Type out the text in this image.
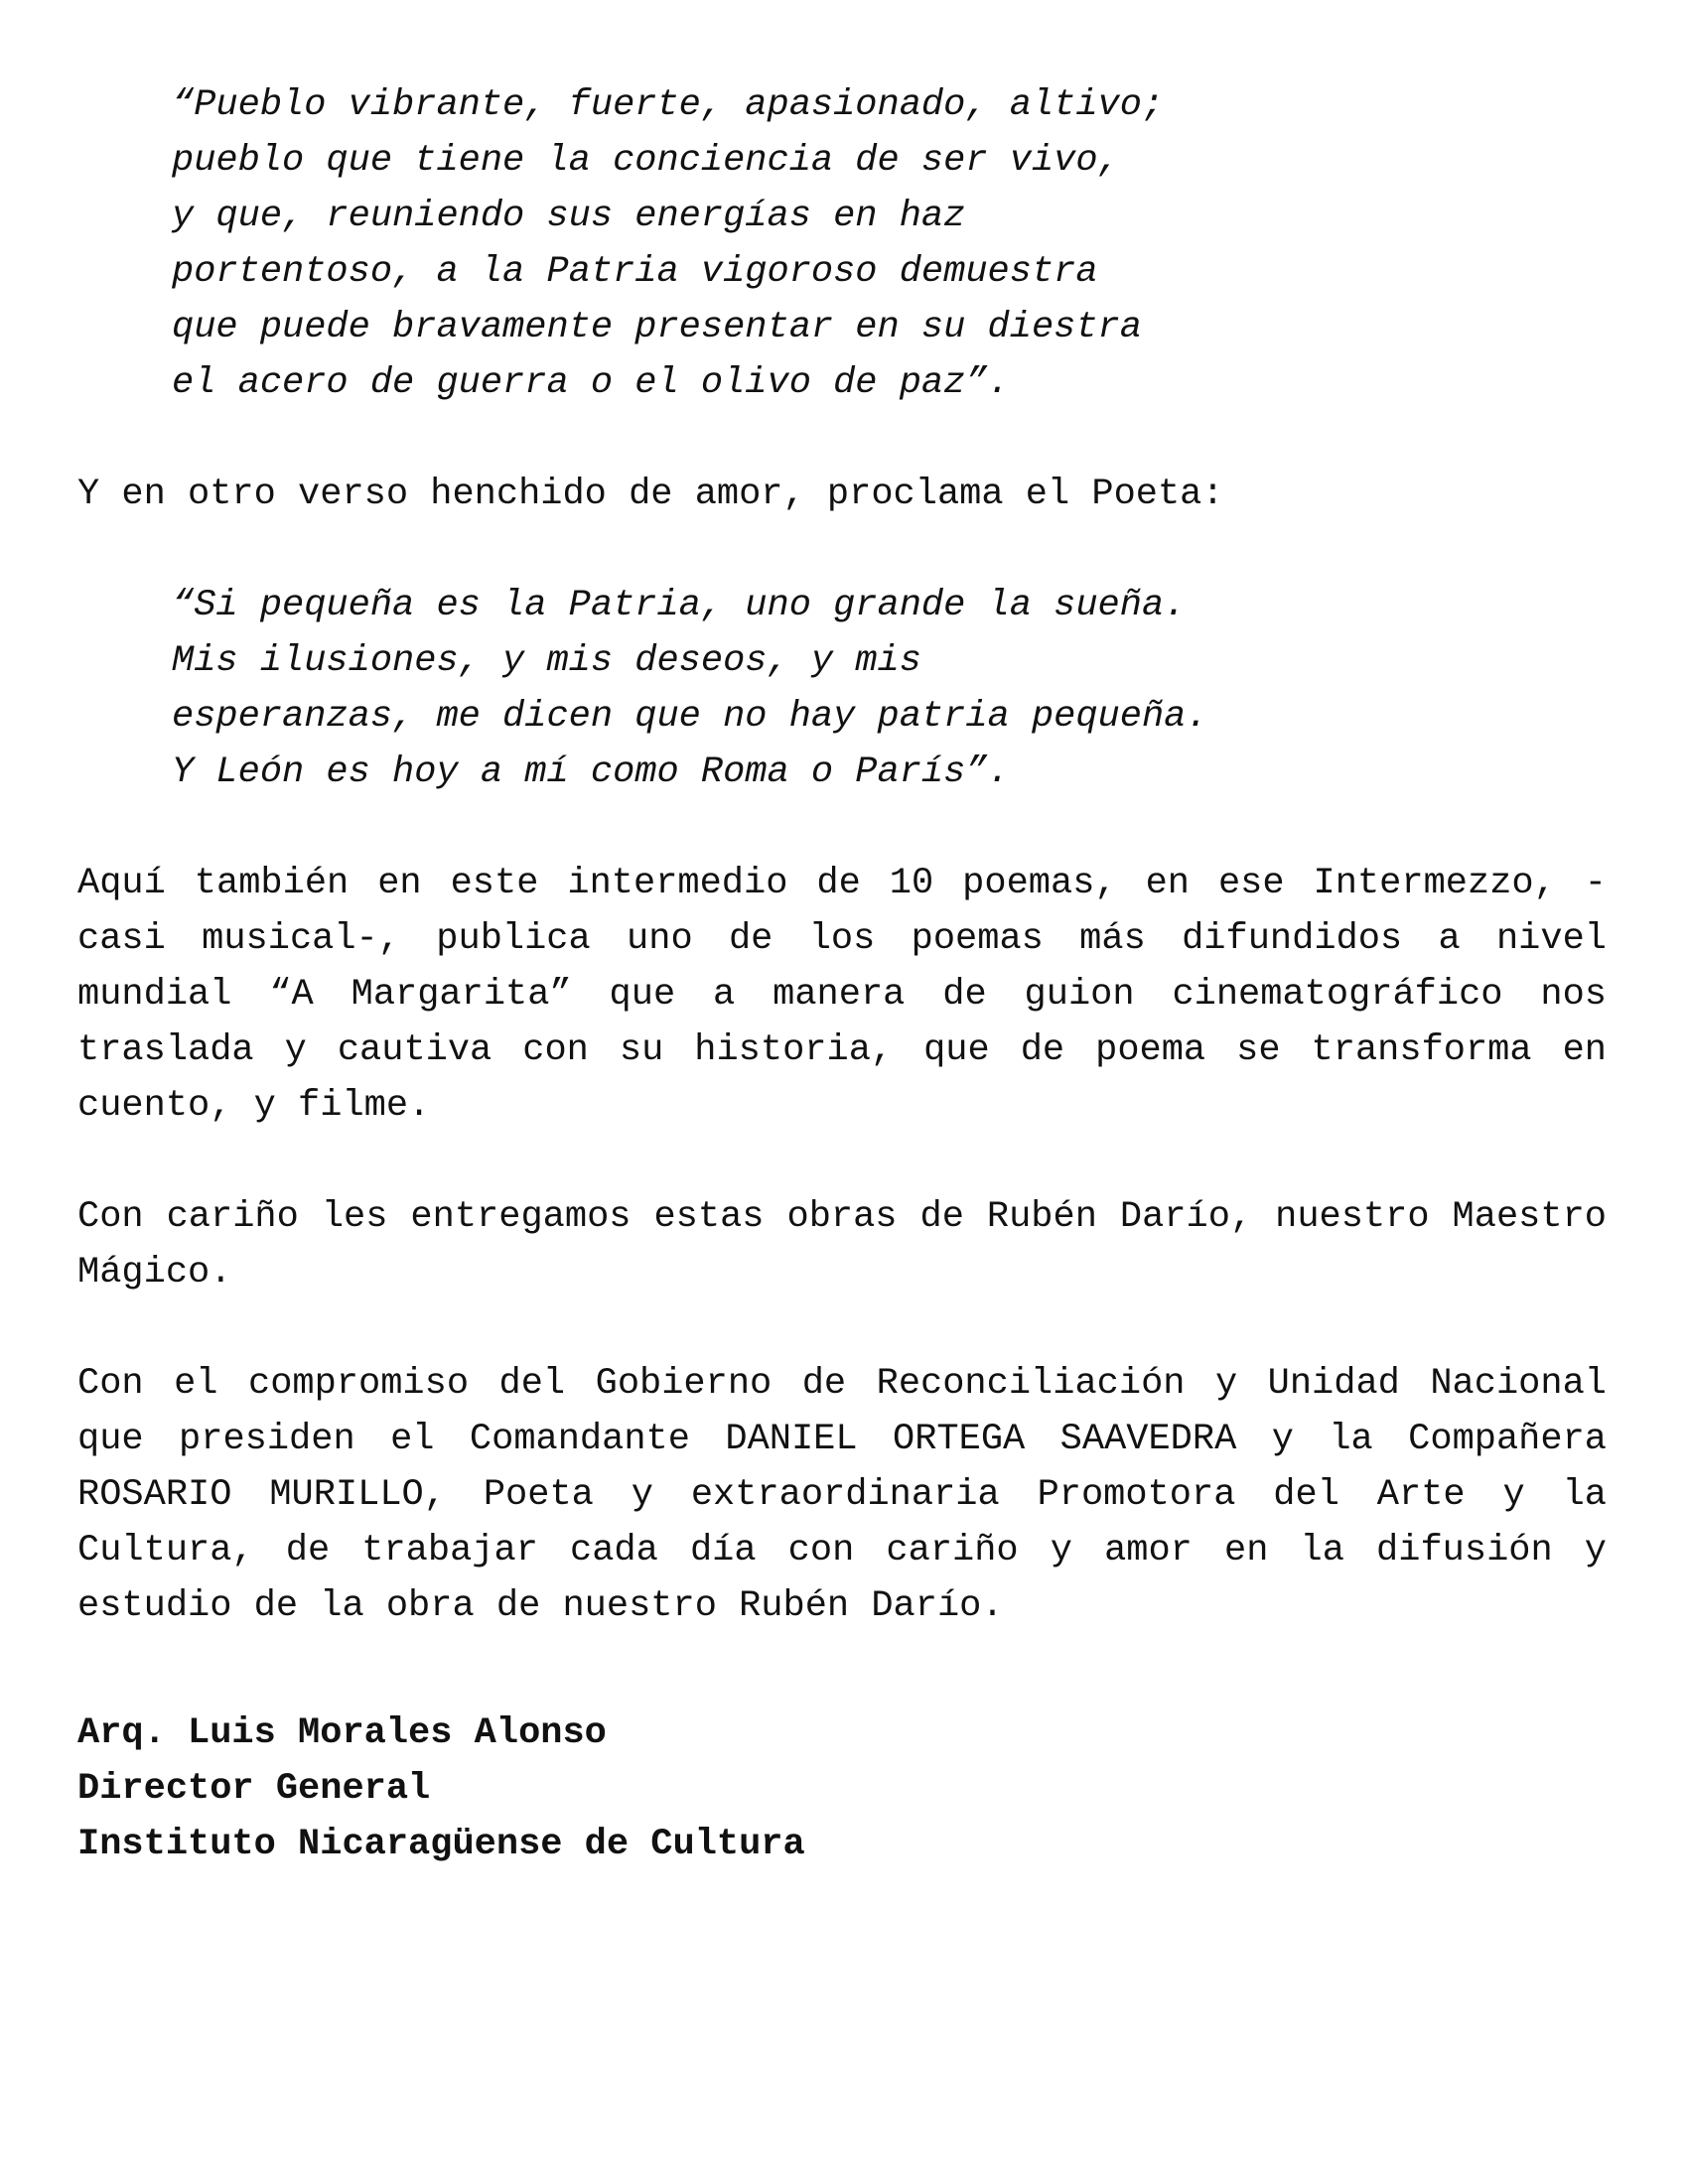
“Pueblo vibrante, fuerte, apasionado, altivo;
pueblo que tiene la conciencia de ser vivo,
y que, reuniendo sus energías en haz
portentoso, a la Patria vigoroso demuestra
que puede bravamente presentar en su diestra
el acero de guerra o el olivo de paz”.
Y en otro verso henchido de amor, proclama el Poeta:
“Si pequeña es la Patria, uno grande la sueña.
Mis ilusiones, y mis deseos, y mis
esperanzas, me dicen que no hay patria pequeña.
Y León es hoy a mí como Roma o París”.

Aquí también en este intermedio de 10 poemas, en ese Intermezzo, -casi musical-, publica uno de los poemas más difundidos a nivel mundial “A Margarita” que a manera de guion cinematográfico nos traslada y cautiva con su historia, que de poema se transforma en cuento, y filme.

Con cariño les entregamos estas obras de Rubén Darío, nuestro Maestro Mágico.

Con el compromiso del Gobierno de Reconciliación y Unidad Nacional que presiden el Comandante DANIEL ORTEGA SAAVEDRA y la Compañera ROSARIO MURILLO, Poeta y extraordinaria Promotora del Arte y la Cultura, de trabajar cada día con cariño y amor en la difusión y estudio de la obra de nuestro Rubén Darío.

Arq. Luis Morales Alonso
Director General
Instituto Nicaragüense de Cultura
